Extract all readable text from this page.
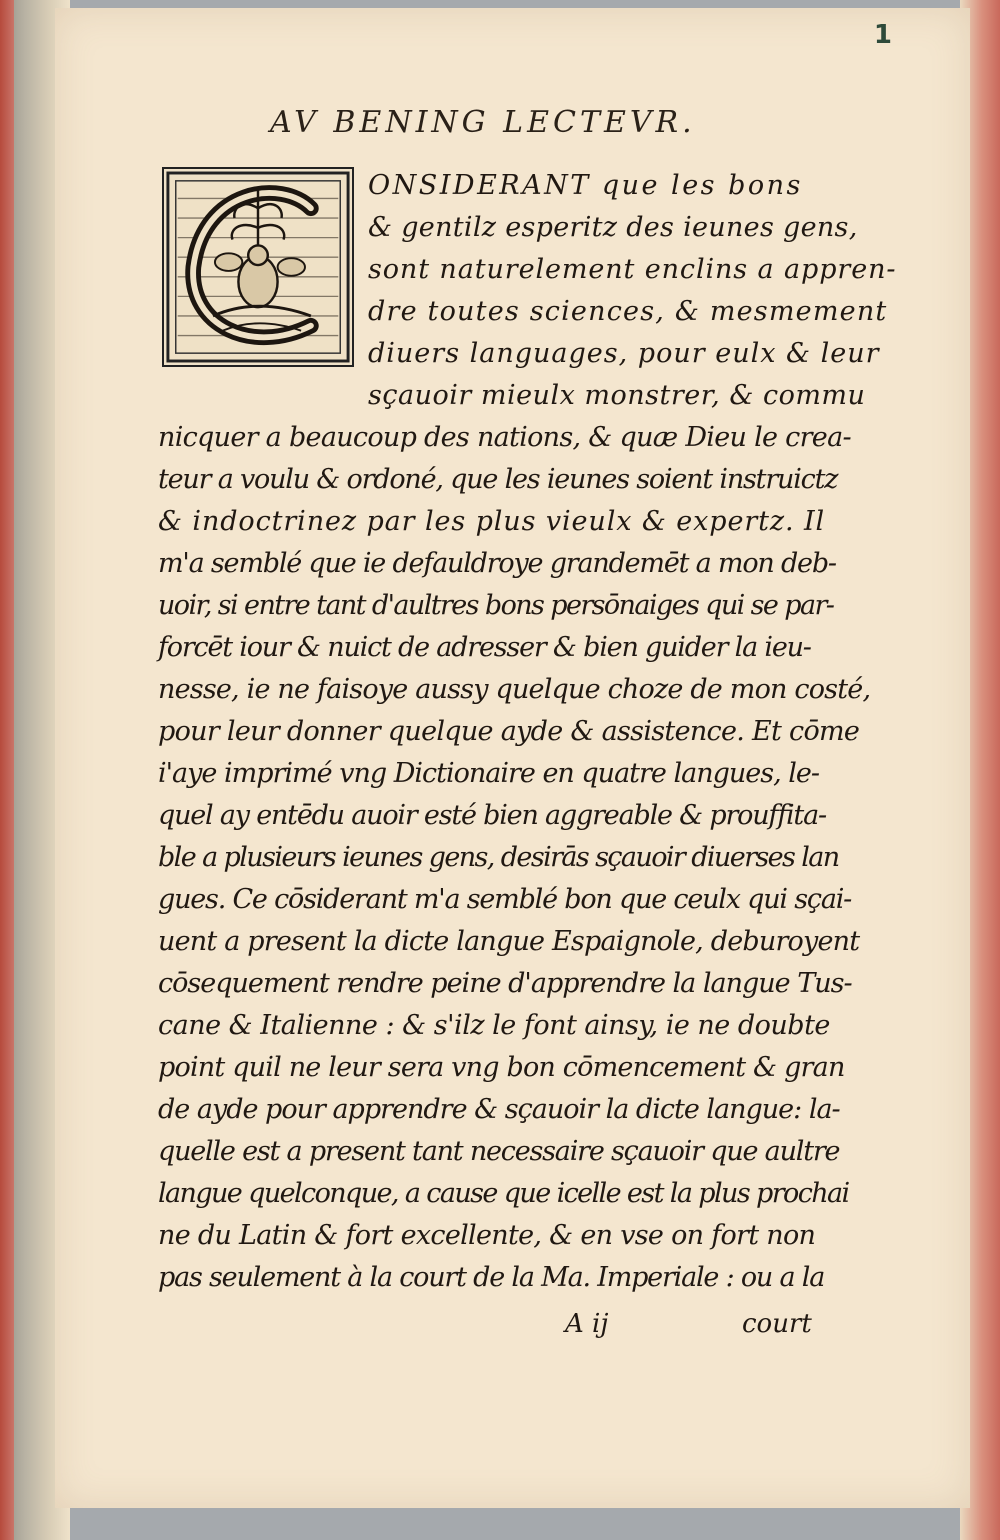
1
AV BENING LECTEVR.
ONSIDERANT que les bons
& gentilz esperitz des ieunes gens,
sont naturelement enclins a appren-
dre toutes sciences, & mesmement
diuers languages, pour eulx & leur
sçauoir mieulx monstrer, & commu
nicquer a beaucoup des nations, & quæ Dieu le crea-
teur a voulu & ordoné, que les ieunes soient instruictz
& indoctrinez par les plus vieulx & expertz. Il
m'a semblé que ie defauldroye grandemēt a mon deb-
uoir, si entre tant d'aultres bons persōnaiges qui se par-
forcēt iour & nuict de adresser & bien guider la ieu-
nesse, ie ne faisoye aussy quelque choze de mon costé,
pour leur donner quelque ayde & assistence. Et cōme
i'aye imprimé vng Dictionaire en quatre langues, le-
quel ay entēdu auoir esté bien aggreable & prouffita-
ble a plusieurs ieunes gens, desirās sçauoir diuerses lan
gues. Ce cōsiderant m'a semblé bon que ceulx qui sçai-
uent a present la dicte langue Espaignole, deburoyent
cōsequement rendre peine d'apprendre la langue Tus-
cane & Italienne : & s'ilz le font ainsy, ie ne doubte
point quil ne leur sera vng bon cōmencement & gran
de ayde pour apprendre & sçauoir la dicte langue: la-
quelle est a present tant necessaire sçauoir que aultre
langue quelconque, a cause que icelle est la plus prochai
ne du Latin & fort excellente, & en vse on fort non
pas seulement à la court de la Ma. Imperiale : ou a la
A ij	court
